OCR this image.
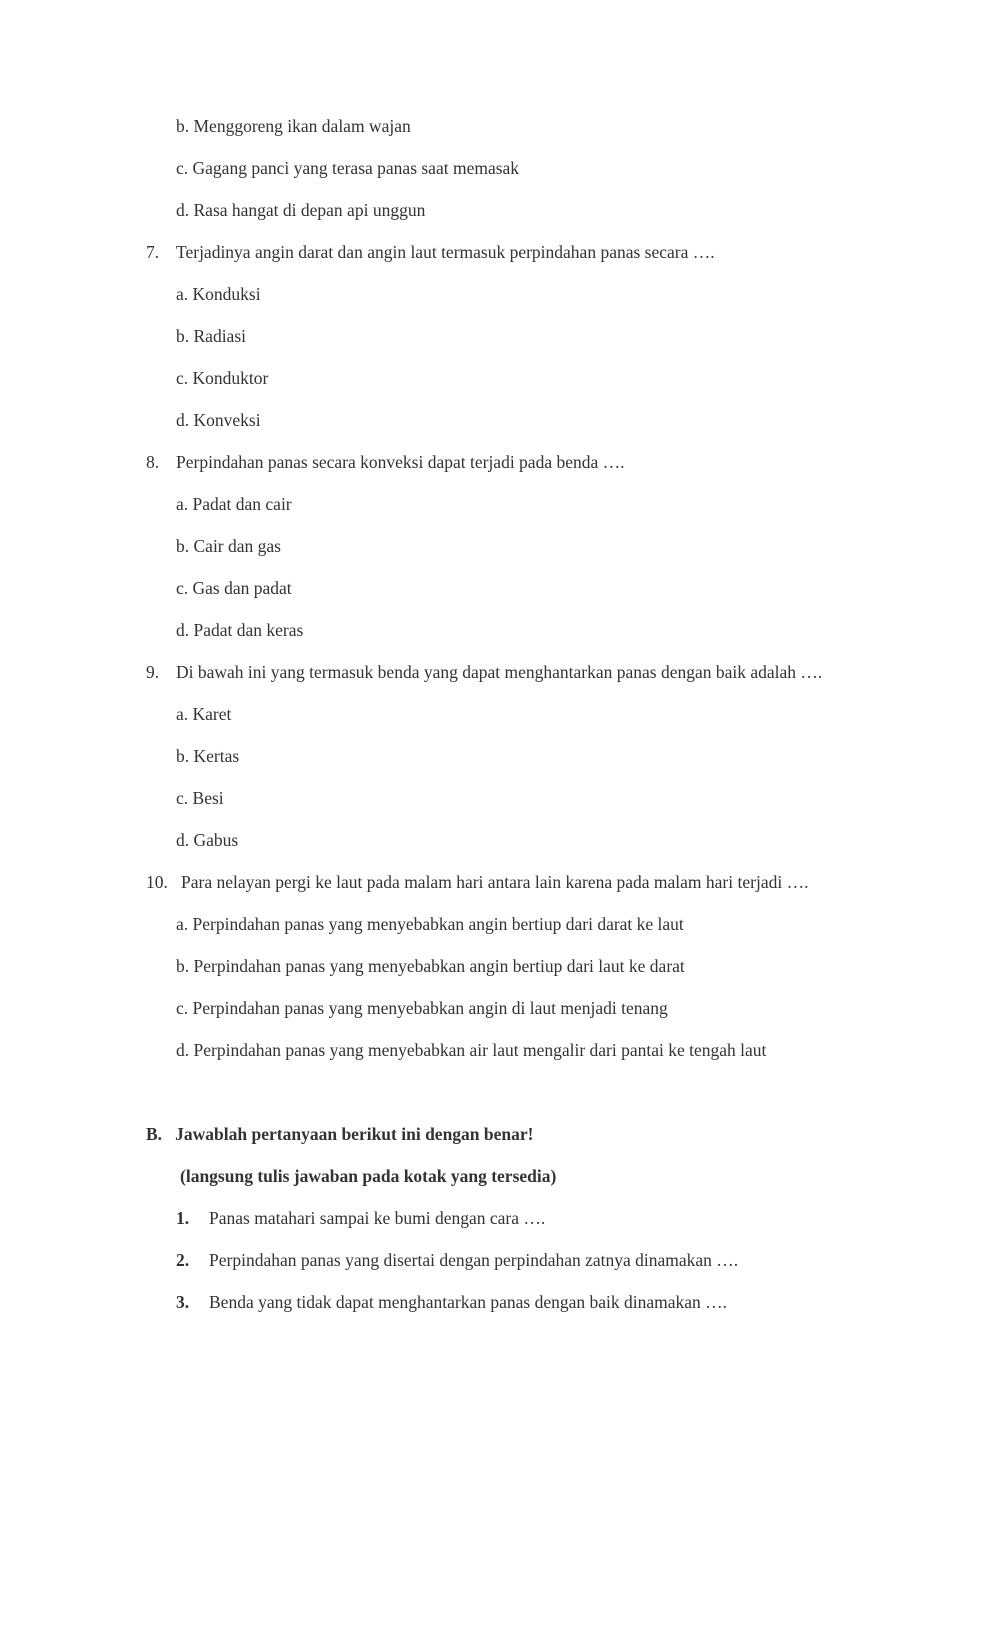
b. Menggoreng ikan dalam wajan
c. Gagang panci yang terasa panas saat memasak
d. Rasa hangat di depan api unggun
7. Terjadinya angin darat dan angin laut termasuk perpindahan panas secara ….
a. Konduksi
b. Radiasi
c. Konduktor
d. Konveksi
8. Perpindahan panas secara konveksi dapat terjadi pada benda ….
a. Padat dan cair
b. Cair dan gas
c. Gas dan padat
d. Padat dan keras
9. Di bawah ini yang termasuk benda yang dapat menghantarkan panas dengan baik adalah ….
a. Karet
b. Kertas
c. Besi
d. Gabus
10. Para nelayan pergi ke laut pada malam hari antara lain karena pada malam hari terjadi ….
a. Perpindahan panas yang menyebabkan angin bertiup dari darat ke laut
b. Perpindahan panas yang menyebabkan angin bertiup dari laut ke darat
c. Perpindahan panas yang menyebabkan angin di laut menjadi tenang
d. Perpindahan panas yang menyebabkan air laut mengalir dari pantai ke tengah laut
B.   Jawablah pertanyaan berikut ini dengan benar!
(langsung tulis jawaban pada kotak yang tersedia)
1. Panas matahari sampai ke bumi dengan cara ….
2. Perpindahan panas yang disertai dengan perpindahan zatnya dinamakan ….
3. Benda yang tidak dapat menghantarkan panas dengan baik dinamakan ….
